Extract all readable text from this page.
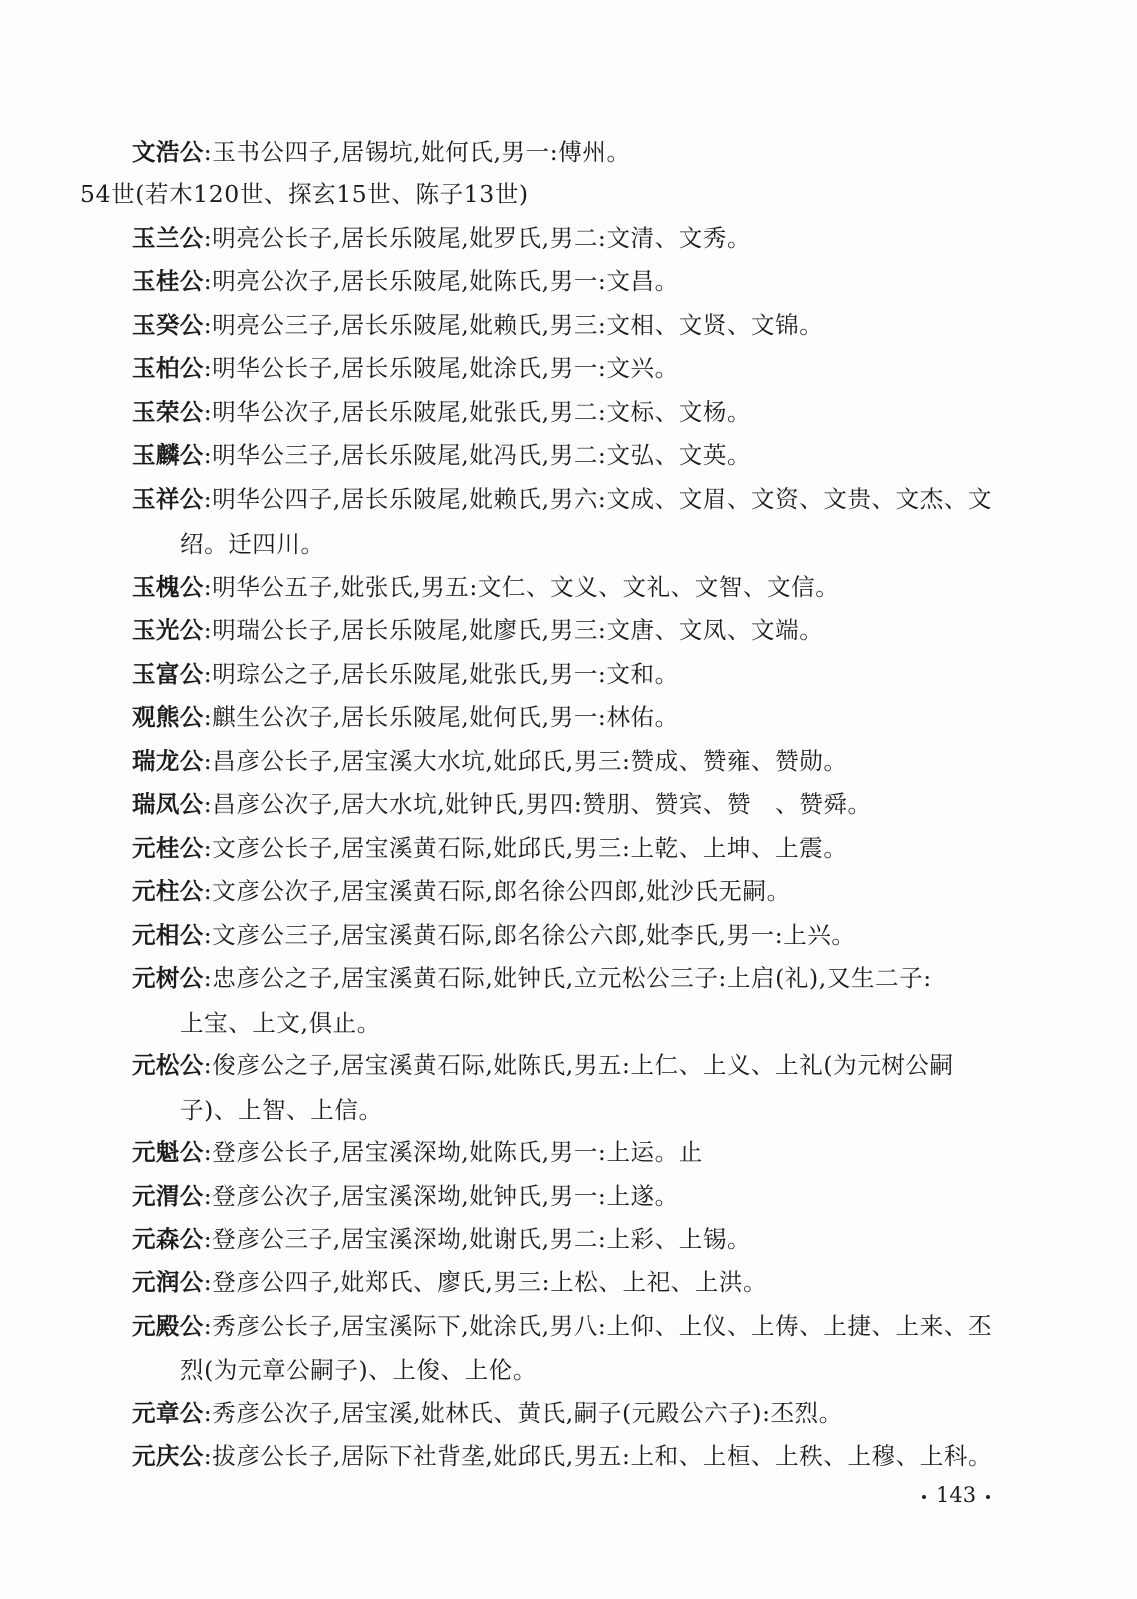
文浩公:玉书公四子,居锡坑,妣何氏,男一:傅州。
54世(若木120世、探玄15世、陈子13世)
玉兰公:明亮公长子,居长乐陂尾,妣罗氏,男二:文清、文秀。
玉桂公:明亮公次子,居长乐陂尾,妣陈氏,男一:文昌。
玉癸公:明亮公三子,居长乐陂尾,妣赖氏,男三:文相、文贤、文锦。
玉柏公:明华公长子,居长乐陂尾,妣涂氏,男一:文兴。
玉荣公:明华公次子,居长乐陂尾,妣张氏,男二:文标、文杨。
玉麟公:明华公三子,居长乐陂尾,妣冯氏,男二:文弘、文英。
玉祥公:明华公四子,居长乐陂尾,妣赖氏,男六:文成、文眉、文资、文贵、文杰、文
绍。迁四川。
玉槐公:明华公五子,妣张氏,男五:文仁、文义、文礼、文智、文信。
玉光公:明瑞公长子,居长乐陂尾,妣廖氏,男三:文唐、文凤、文端。
玉富公:明琮公之子,居长乐陂尾,妣张氏,男一:文和。
观熊公:麒生公次子,居长乐陂尾,妣何氏,男一:林佑。
瑞龙公:昌彦公长子,居宝溪大水坑,妣邱氏,男三:赞成、赞雍、赞勋。
瑞凤公:昌彦公次子,居大水坑,妣钟氏,男四:赞朋、赞宾、赞　、赞舜。
元桂公:文彦公长子,居宝溪黄石际,妣邱氏,男三:上乾、上坤、上震。
元柱公:文彦公次子,居宝溪黄石际,郎名徐公四郎,妣沙氏无嗣。
元相公:文彦公三子,居宝溪黄石际,郎名徐公六郎,妣李氏,男一:上兴。
元树公:忠彦公之子,居宝溪黄石际,妣钟氏,立元松公三子:上启(礼),又生二子:
上宝、上文,俱止。
元松公:俊彦公之子,居宝溪黄石际,妣陈氏,男五:上仁、上义、上礼(为元树公嗣
子)、上智、上信。
元魁公:登彦公长子,居宝溪深坳,妣陈氏,男一:上运。止
元渭公:登彦公次子,居宝溪深坳,妣钟氏,男一:上遂。
元森公:登彦公三子,居宝溪深坳,妣谢氏,男二:上彩、上锡。
元润公:登彦公四子,妣郑氏、廖氏,男三:上松、上祀、上洪。
元殿公:秀彦公长子,居宝溪际下,妣涂氏,男八:上仰、上仪、上俦、上捷、上来、丕
烈(为元章公嗣子)、上俊、上伦。
元章公:秀彦公次子,居宝溪,妣林氏、黄氏,嗣子(元殿公六子):丕烈。
元庆公:拔彦公长子,居际下社背垄,妣邱氏,男五:上和、上桓、上秩、上穆、上科。
143
